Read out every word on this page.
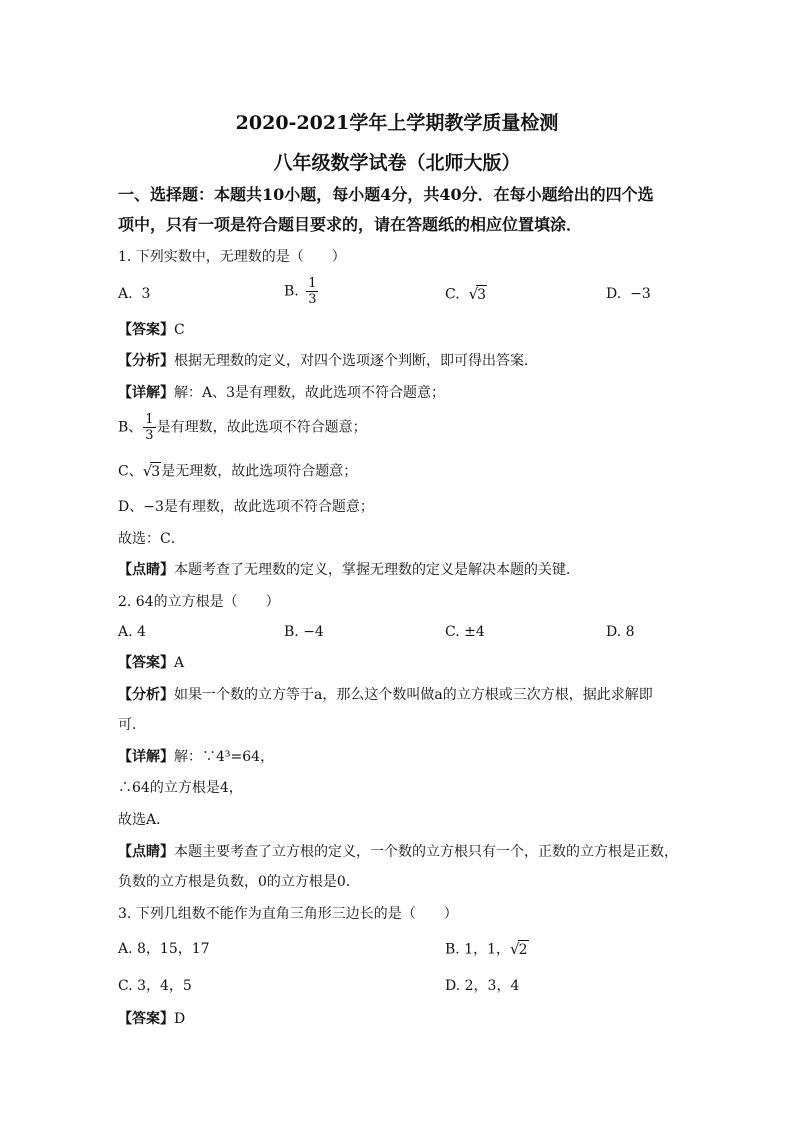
2020-2021学年上学期教学质量检测
八年级数学试卷（北师大版）
一、选择题：本题共10小题，每小题4分，共40分．在每小题给出的四个选
项中，只有一项是符合题目要求的，请在答题纸的相应位置填涂．
1. 下列实数中，无理数的是（　　）
A. 3	B. $\frac{1}{3}$	C. √3	D. −3
【答案】C
【分析】根据无理数的定义，对四个选项逐个判断，即可得出答案．
【详解】解：A、3是有理数，故此选项不符合题意；
B、 $\frac{1}{3}$ 是有理数，故此选项不符合题意；
C、√3是无理数，故此选项符合题意；
D、−3是有理数，故此选项不符合题意；
故选：C．
【点睛】本题考查了无理数的定义，掌握无理数的定义是解决本题的关键．
2. 64的立方根是（　　）
A. 4	B. −4	C. ±4	D. 8
【答案】A
【分析】如果一个数的立方等于a，那么这个数叫做a的立方根或三次方根，据此求解即
可．
【详解】解：∵4³=64，
∴64的立方根是4，
故选A．
【点睛】本题主要考查了立方根的定义，一个数的立方根只有一个，正数的立方根是正数，
负数的立方根是负数，0的立方根是0．
3. 下列几组数不能作为直角三角形三边长的是（　　）
A. 8，15，17	B. 1，1，√2
C. 3，4，5	D. 2，3，4
【答案】D
